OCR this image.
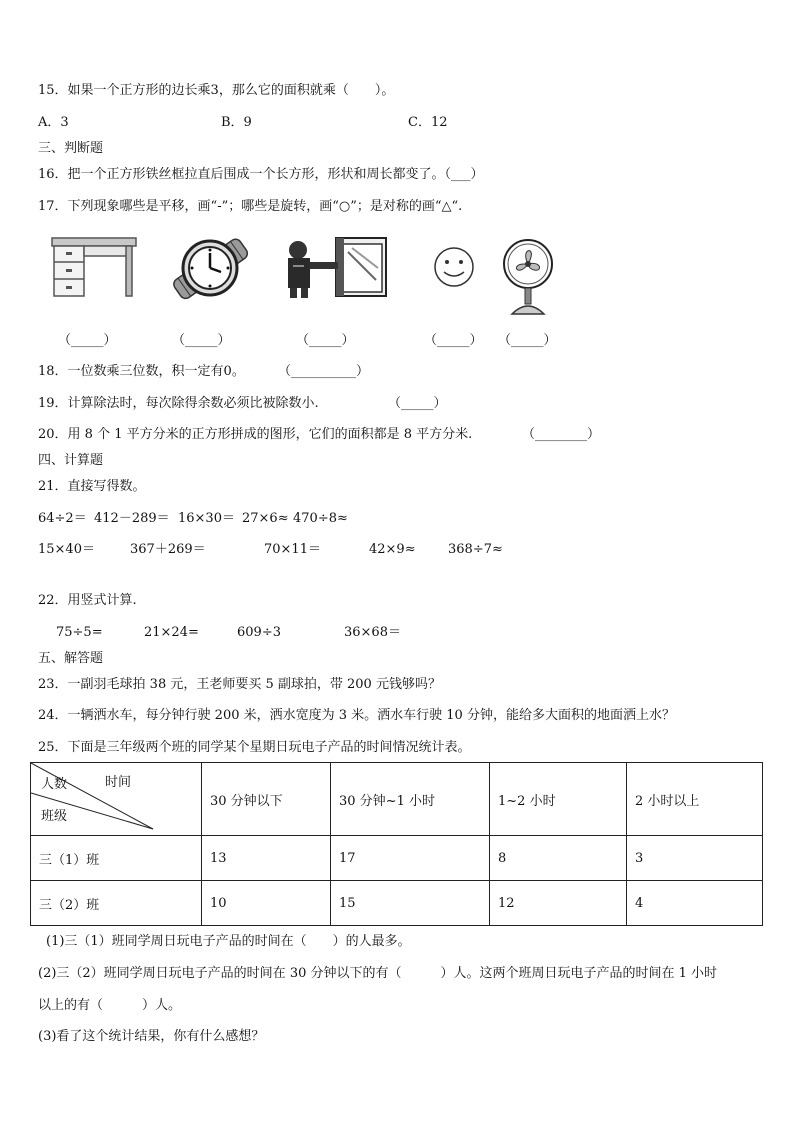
15．如果一个正方形的边长乘3，那么它的面积就乘（　　）。
A．3	B．9	C．12
三、判断题
16．把一个正方形铁丝框拉直后围成一个长方形，形状和周长都变了。（___）
17．下列现象哪些是平移，画“-”；哪些是旋转，画“○”；是对称的画“△“.
（_____）	（_____）	（_____）	（_____） （_____）
18．一位数乘三位数，积一定有0。	（__________）
19．计算除法时，每次除得余数必须比被除数小.	（_____）
20．用 8 个 1 平方分米的正方形拼成的图形，它们的面积都是 8 平方分米.	（________）
四、计算题
21．直接写得数。
64÷2＝ 412－289＝ 16×30＝ 27×6≈ 470÷8≈
15×40＝	367＋269＝	70×11＝	42×9≈ 368÷7≈
22．用竖式计算.
75÷5=	21×24=	609÷3	36×68＝
五、解答题
23．一副羽毛球拍 38 元，王老师要买 5 副球拍，带 200 元钱够吗？
24．一辆洒水车，每分钟行驶 200 米，洒水宽度为 3 米。洒水车行驶 10 分钟，能给多大面积的地面洒上水？
25．下面是三年级两个班的同学某个星期日玩电子产品的时间情况统计表。
人数 时间
班级	30 分钟以下	30 分钟~1 小时	1~2 小时	2 小时以上
三（1）班	13	17	8	3
三（2）班	10	15	12	4
(1)三（1）班同学周日玩电子产品的时间在（　　）的人最多。
(2)三（2）班同学周日玩电子产品的时间在 30 分钟以下的有（　　　）人。这两个班周日玩电子产品的时间在 1 小时
以上的有（　　　）人。
(3)看了这个统计结果，你有什么感想？
